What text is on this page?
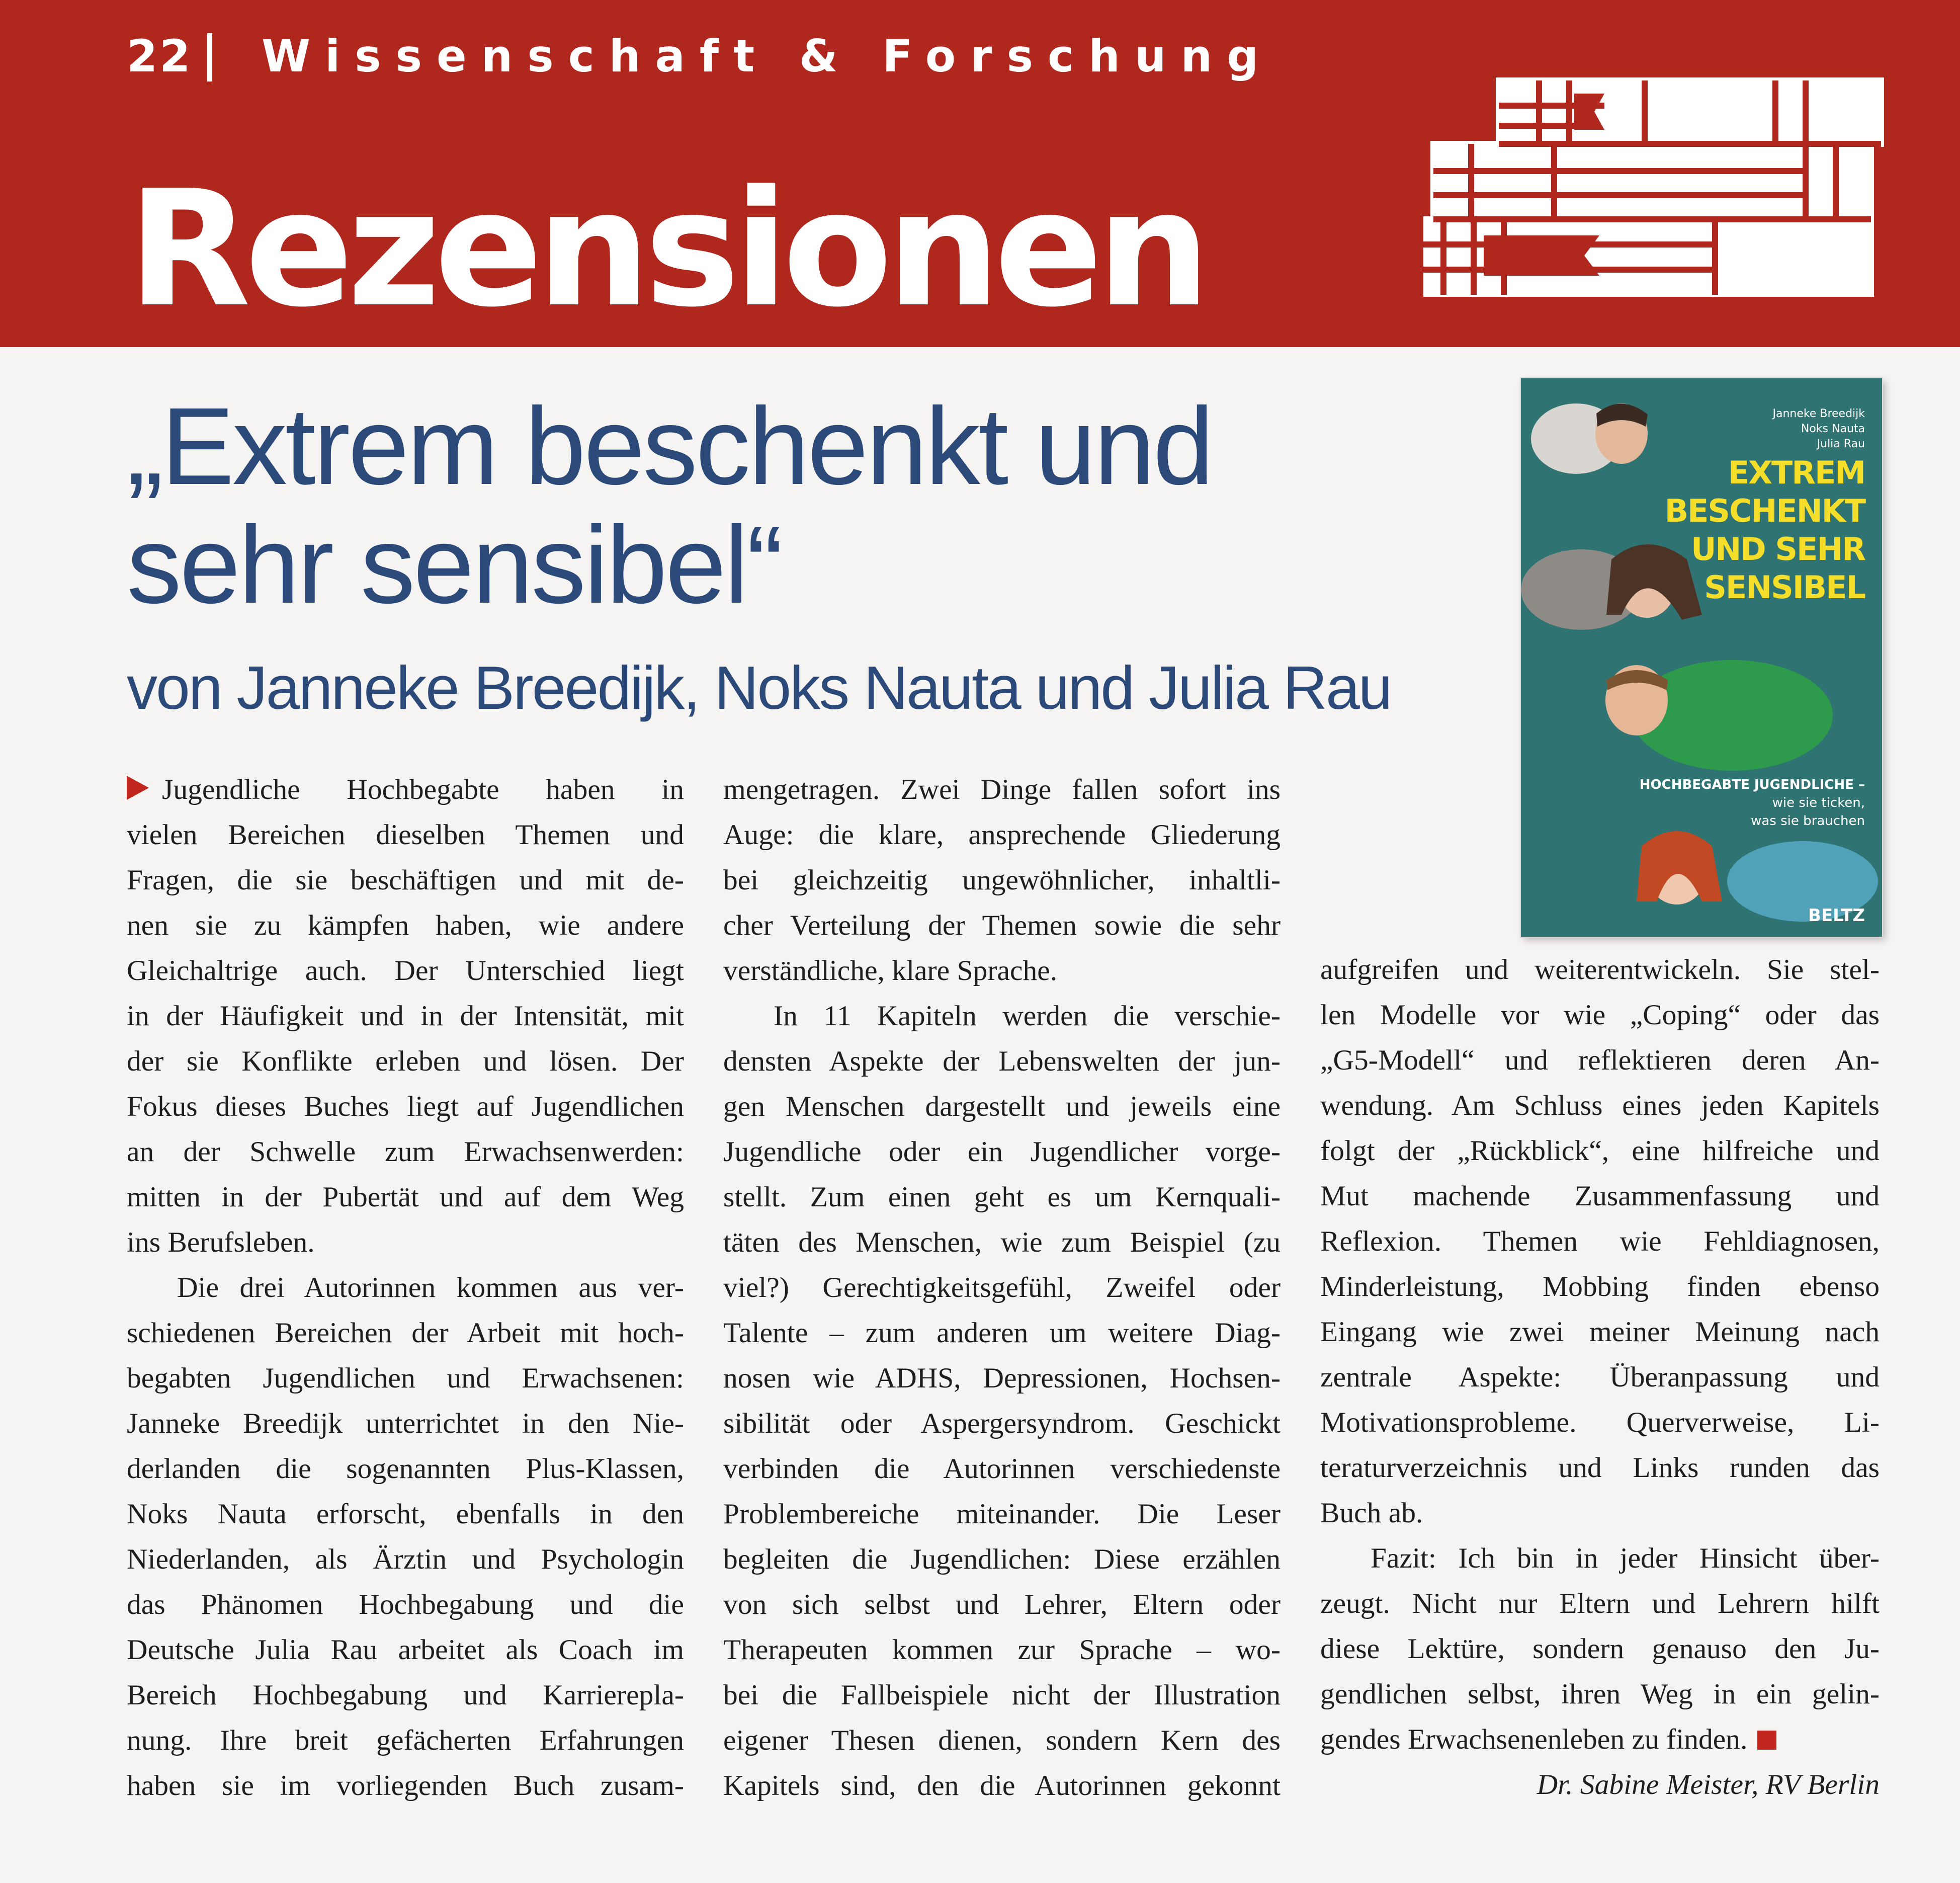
22 Wissenschaft & Forschung
Rezensionen
„Extrem beschenkt und
sehr sensibel“
von Janneke Breedijk, Noks Nauta und Julia Rau
Janneke Breedijk
Noks Nauta
Julia Rau
EXTREM
BESCHENKT
UND SEHR
SENSIBEL
HOCHBEGABTE JUGENDLICHE –
wie sie ticken,
was sie brauchen
BELTZ
Jugendliche Hochbegabte haben in
vielen Bereichen dieselben Themen und
Fragen, die sie beschäftigen und mit de-
nen sie zu kämpfen haben, wie andere
Gleichaltrige auch. Der Unterschied liegt
in der Häufigkeit und in der Intensität, mit
der sie Konflikte erleben und lösen. Der
Fokus dieses Buches liegt auf Jugendlichen
an der Schwelle zum Erwachsenwerden:
mitten in der Pubertät und auf dem Weg
ins Berufsleben.
Die drei Autorinnen kommen aus ver-
schiedenen Bereichen der Arbeit mit hoch-
begabten Jugendlichen und Erwachsenen:
Janneke Breedijk unterrichtet in den Nie-
derlanden die sogenannten Plus-Klassen,
Noks Nauta erforscht, ebenfalls in den
Niederlanden, als Ärztin und Psychologin
das Phänomen Hochbegabung und die
Deutsche Julia Rau arbeitet als Coach im
Bereich Hochbegabung und Karrierepla-
nung. Ihre breit gefächerten Erfahrungen
haben sie im vorliegenden Buch zusam-
mengetragen. Zwei Dinge fallen sofort ins
Auge: die klare, ansprechende Gliederung
bei gleichzeitig ungewöhnlicher, inhaltli-
cher Verteilung der Themen sowie die sehr
verständliche, klare Sprache.
In 11 Kapiteln werden die verschie-
densten Aspekte der Lebenswelten der jun-
gen Menschen dargestellt und jeweils eine
Jugendliche oder ein Jugendlicher vorge-
stellt. Zum einen geht es um Kernquali-
täten des Menschen, wie zum Beispiel (zu
viel?) Gerechtigkeitsgefühl, Zweifel oder
Talente – zum anderen um weitere Diag-
nosen wie ADHS, Depressionen, Hochsen-
sibilität oder Aspergersyndrom. Geschickt
verbinden die Autorinnen verschiedenste
Problembereiche miteinander. Die Leser
begleiten die Jugendlichen: Diese erzählen
von sich selbst und Lehrer, Eltern oder
Therapeuten kommen zur Sprache – wo-
bei die Fallbeispiele nicht der Illustration
eigener Thesen dienen, sondern Kern des
Kapitels sind, den die Autorinnen gekonnt
aufgreifen und weiterentwickeln. Sie stel-
len Modelle vor wie „Coping“ oder das
„G5-Modell“ und reflektieren deren An-
wendung. Am Schluss eines jeden Kapitels
folgt der „Rückblick“, eine hilfreiche und
Mut machende Zusammenfassung und
Reflexion. Themen wie Fehldiagnosen,
Minderleistung, Mobbing finden ebenso
Eingang wie zwei meiner Meinung nach
zentrale Aspekte: Überanpassung und
Motivationsprobleme. Querverweise, Li-
teraturverzeichnis und Links runden das
Buch ab.
Fazit: Ich bin in jeder Hinsicht über-
zeugt. Nicht nur Eltern und Lehrern hilft
diese Lektüre, sondern genauso den Ju-
gendlichen selbst, ihren Weg in ein gelin-
gendes Erwachsenenleben zu finden.
Dr. Sabine Meister, RV Berlin
